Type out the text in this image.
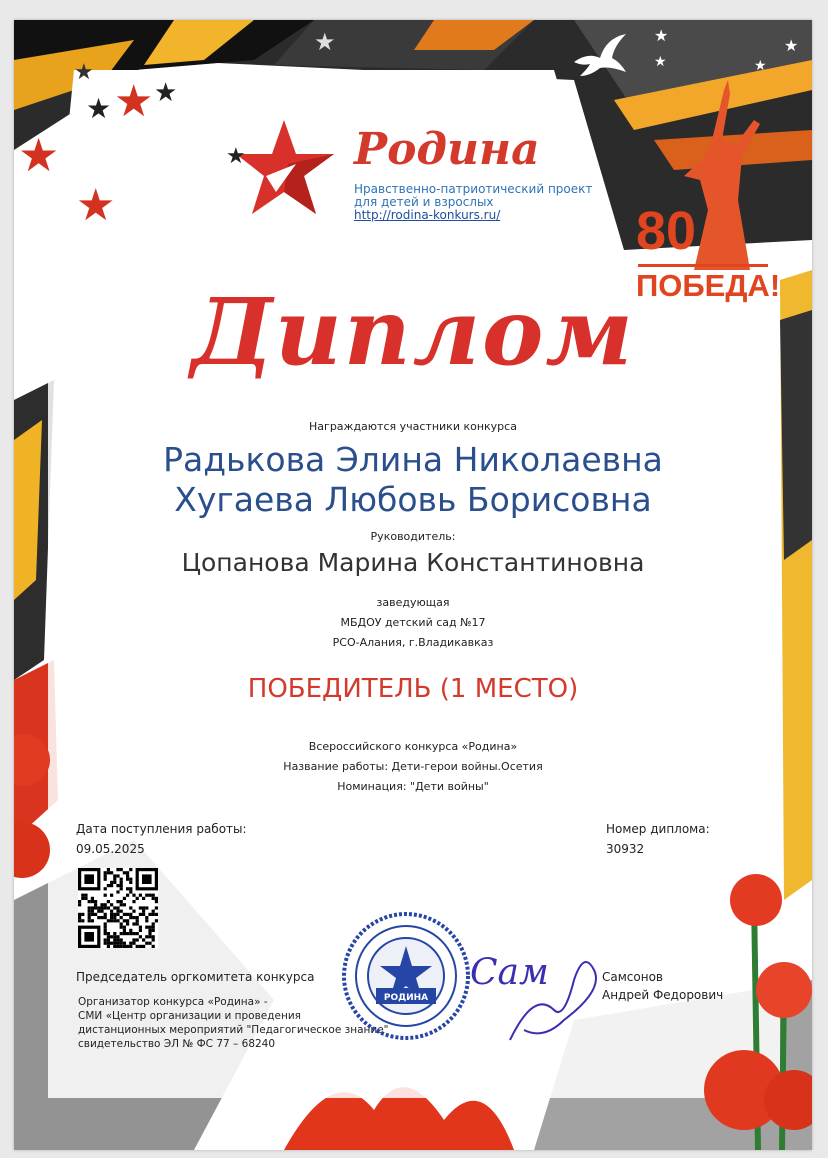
★
★
★
★ ★
★
★	★
★
★
★
★ Родина
Нравственно-патриотический проект
для детей и взрослых
http://rodina-konkurs.ru/	80
ПОБЕДА!
Диплом
Награждаются участники конкурса
Радькова Элина Николаевна
Хугаева Любовь Борисовна
Руководитель:
Цопанова Марина Константиновна
заведующая
МБДОУ детский сад №17
РСО-Алания, г.Владикавказ
ПОБЕДИТЕЛЬ (1 МЕСТО)
Всероссийского конкурса «Родина»
Название работы: Дети-герои войны.Осетия
Номинация: "Дети войны"
Дата поступления работы:
09.05.2025
Номер диплома:
30932
Председатель оргкомитета конкурса
Организатор конкурса «Родина» -
СМИ «Центр организации и проведения
дистанционных мероприятий "Педагогическое знание"
свидетельство ЭЛ № ФС 77 – 68240
РОДИНА
Сам	Самсонов
Андрей Федорович
